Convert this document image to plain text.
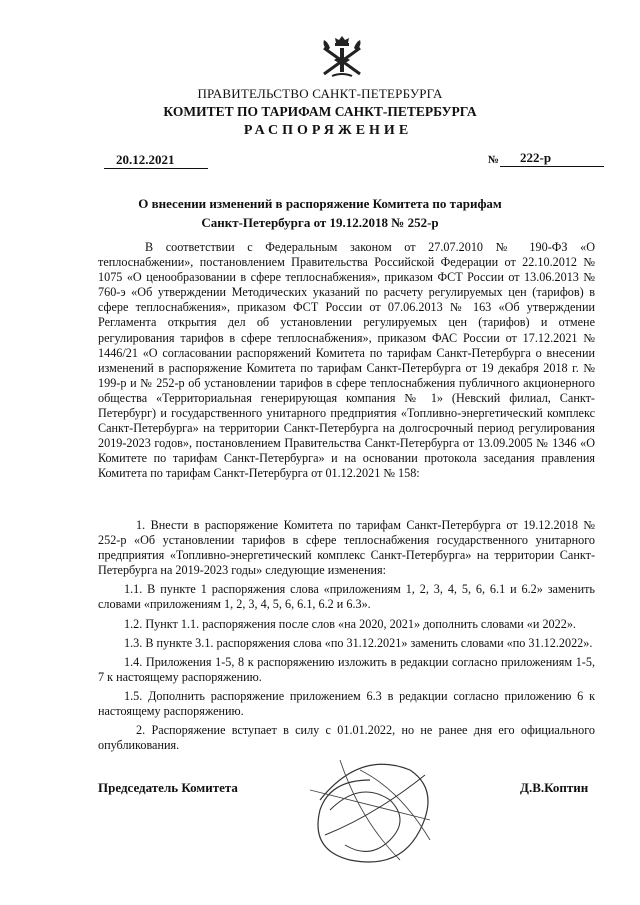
ПРАВИТЕЛЬСТВО САНКТ-ПЕТЕРБУРГА
КОМИТЕТ ПО ТАРИФАМ САНКТ-ПЕТЕРБУРГА
РАСПОРЯЖЕНИЕ
20.12.2021	№	222-р
О внесении изменений в распоряжение Комитета по тарифам
Санкт-Петербурга от 19.12.2018 № 252-р
В соответствии с Федеральным законом от 27.07.2010 № 190-ФЗ «О теплоснабжении», постановлением Правительства Российской Федерации от 22.10.2012 № 1075 «О ценообразовании в сфере теплоснабжения», приказом ФСТ России от 13.06.2013 № 760-э «Об утверждении Методических указаний по расчету регулируемых цен (тарифов) в сфере теплоснабжения», приказом ФСТ России от 07.06.2013 № 163 «Об утверждении Регламента открытия дел об установлении регулируемых цен (тарифов) и отмене регулирования тарифов в сфере теплоснабжения», приказом ФАС России от 17.12.2021 № 1446/21 «О согласовании распоряжений Комитета по тарифам Санкт-Петербурга о внесении изменений в распоряжение Комитета по тарифам Санкт-Петербурга от 19 декабря 2018 г. № 199-р и № 252-р об установлении тарифов в сфере теплоснабжения публичного акционерного общества «Территориальная генерирующая компания № 1» (Невский филиал, Санкт-Петербург) и государственного унитарного предприятия «Топливно-энергетический комплекс Санкт-Петербурга» на территории Санкт-Петербурга на долгосрочный период регулирования 2019-2023 годов», постановлением Правительства Санкт-Петербурга от 13.09.2005 № 1346 «О Комитете по тарифам Санкт-Петербурга» и на основании протокола заседания правления Комитета по тарифам Санкт-Петербурга от 01.12.2021 № 158:

1. Внести в распоряжение Комитета по тарифам Санкт-Петербурга от 19.12.2018 № 252-р «Об установлении тарифов в сфере теплоснабжения государственного унитарного предприятия «Топливно-энергетический комплекс Санкт-Петербурга» на территории Санкт-Петербурга на 2019-2023 годы» следующие изменения:

1.1. В пункте 1 распоряжения слова «приложениям 1, 2, 3, 4, 5, 6, 6.1 и 6.2» заменить словами «приложениям 1, 2, 3, 4, 5, 6, 6.1, 6.2 и 6.3».

1.2. Пункт 1.1. распоряжения после слов «на 2020, 2021» дополнить словами «и 2022».

1.3. В пункте 3.1. распоряжения слова «по 31.12.2021» заменить словами «по 31.12.2022».

1.4. Приложения 1-5, 8 к распоряжению изложить в редакции согласно приложениям 1-5, 7 к настоящему распоряжению.

1.5. Дополнить распоряжение приложением 6.3 в редакции согласно приложению 6 к настоящему распоряжению.

2. Распоряжение вступает в силу с 01.01.2022, но не ранее дня его официального опубликования.

Председатель Комитета	Д.В.Коптин
